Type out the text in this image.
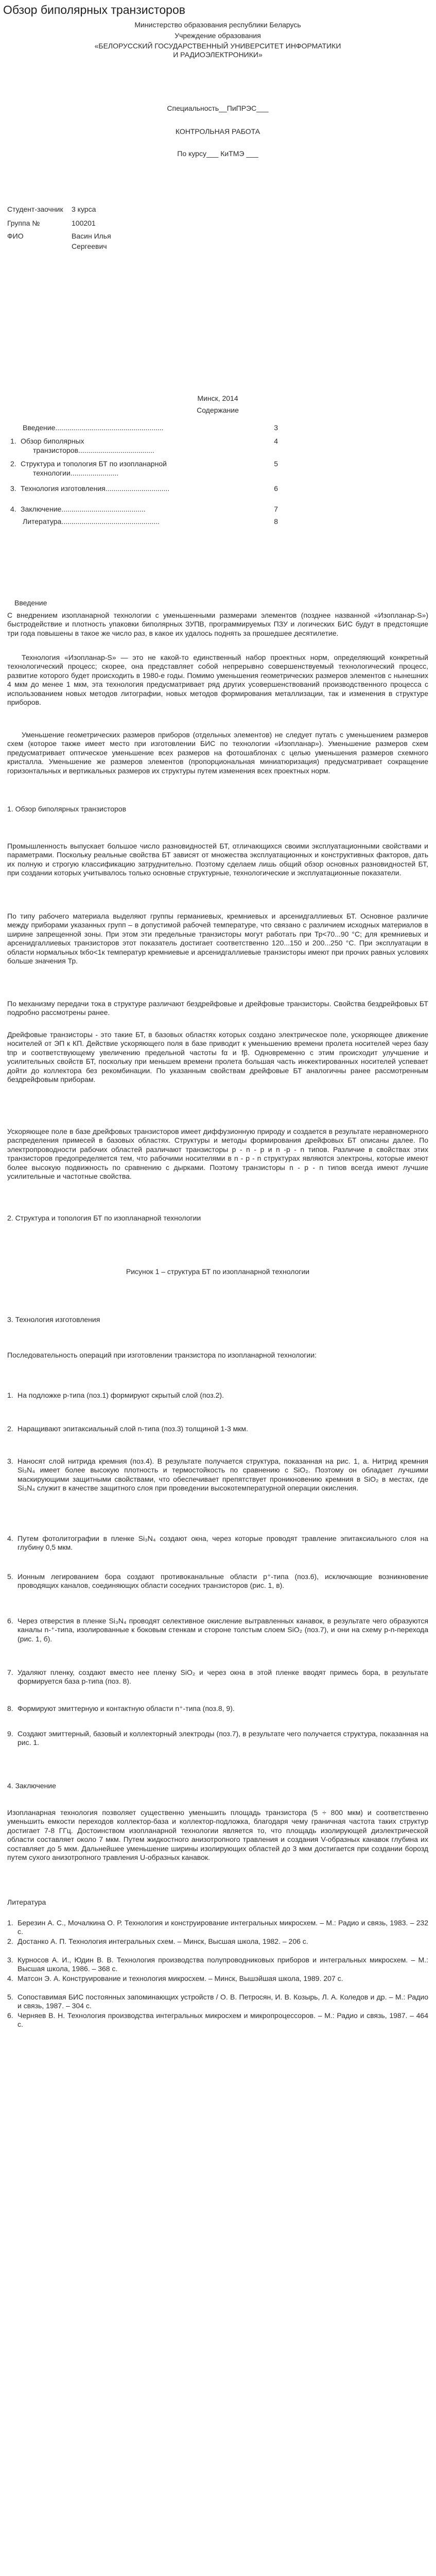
Обзор биполярных транзисторов
Министерство образования республики Беларусь
Учреждение образования
«БЕЛОРУССКИЙ ГОСУДАРСТВЕННЫЙ УНИВЕРСИТЕТ ИНФОРМАТИКИ
И РАДИОЭЛЕКТРОНИКИ»
Специальность__ПиПРЭС___
КОНТРОЛЬНАЯ РАБОТА
По курсу___ КиТМЭ ___
Студент-заочник	3 курса
Группа №	100201
ФИО	Васин Илья
Сергеевич
Минск, 2014
Содержание
Введение ......................................................	3
1. Обзор биполярных	4
транзисторов ......................................
2. Структура и топология БТ по изопланарной	5
технологии ........................
3. Технология изготовления ................................	6
4. Заключение ..........................................	7
Литература .................................................	8
Введение
С внедрением изопланарной технологии с уменьшенными размерами элементов (позднее названной «Изопланар-S») быстродействие и плотность упаковки биполярных ЗУПВ, программируемых ПЗУ и логических БИС будут в предстоящие три года повышены в такое же число раз, в какое их удалось поднять за прошедшее десятилетие.
Технология «Изопланар-S» — это не какой-то единственный набор проектных норм, определяющий конкретный технологический процесс; скорее, она представляет собой непрерывно совершенствуемый технологический процесс, развитие которого будет происходить в 1980-е годы. Помимо уменьшения геометрических размеров элементов с нынешних 4 мкм до менее 1 мкм, эта технология предусматривает ряд других усовершенствований производственного процесса с использованием новых методов литографии, новых методов формирования металлизации, так и изменения в структуре приборов.
Уменьшение геометрических размеров приборов (отдельных элементов) не следует путать с уменьшением размеров схем (которое также имеет место при изготовлении БИС по технологии «Изопланар»). Уменьшение размеров схем предусматривает оптическое уменьшение всех размеров на фотошаблонах с целью уменьшения размеров схемного кристалла. Уменьшение же размеров элементов (пропорциональная миниатюризация) предусматривает сокращение горизонтальных и вертикальных размеров их структуры путем изменения всех проектных норм.
1. Обзор биполярных транзисторов
Промышленность выпускает большое число разновидностей БТ, отличающихся своими эксплуатационными свойствами и параметрами. Поскольку реальные свойства БТ зависят от множества эксплуатационных и конструктивных факторов, дать их полную и строгую классификацию затруднительно. Поэтому сделаем лишь общий обзор основных разновидностей БТ, при создании которых учитывалось только основные структурные, технологические и эксплуатационные показатели.
По типу рабочего материала выделяют группы германиевых, кремниевых и арсенидгаллиевых БТ. Основное различие между приборами указанных групп – в допустимой рабочей температуре, что связано с различием исходных материалов в ширине запрещенной зоны. При этом эти предельные транзисторы могут работать при Тр<70...90 °С; для кремниевых и арсенидгаллиевых транзисторов этот показатель достигает соответственно 120...150 и 200...250 °С. При эксплуатации в области нормальных tкбо<1к температур кремниевые и арсенидгаллиевые транзисторы имеют при прочих равных условиях больше значения Тр.
По механизму передачи тока в структуре различают бездрейфовые и дрейфовые транзисторы. Свойства бездрейфовых БТ подробно рассмотрены ранее.
Дрейфовые транзисторы - это такие БТ, в базовых областях которых создано электрическое поле, ускоряющее движение носителей от ЭП к КП. Действие ускоряющего поля в базе приводит к уменьшению времени пролета носителей через базу tпр и соответствующему увеличению предельной частоты fα и fβ. Одновременно с этим происходит улучшение и усилительных свойств БТ, поскольку при меньшем времени пролета большая часть инжектированных носителей успевает дойти до коллектора без рекомбинации. По указанным свойствам дрейфовые БТ аналогичны ранее рассмотренным бездрейфовым прибоpaм.
Ускоряющее поле в базе дрейфовых транзисторов имеет диффузионную природу и создается в результате неравномерного распределения примесей в базовых областях. Структуры и методы формирования дрейфовых БТ описаны далее. По электропроводности рабочих областей различают транзисторы p - n - p и n -p - n типов. Различие в свойствах этих транзисторов предопределяется тем, что рабочими носителями в n - p - n структурах являются электроны, которые имеют более высокую подвижность по сравнению с дырками. Поэтому транзисторы n - p - n типов всегда имеют лучшие усилительные и частотные свойства.
2. Структура и топология БТ по изопланарной технологии
Рисунок 1 – структура БТ по изопланарной технологии
3. Технология изготовления
Последовательность операций при изготовлении транзистора по изопланарной технологии:
1. На подложке р-типа (поз.1) формируют скрытый слой (поз.2).
2. Наращивают эпитаксиальный слой n-типа (поз.3) толщиной 1-3 мкм.
3. Наносят слой нитрида кремния (поз.4). В результате получается структура, показанная на рис. 1, а. Нитрид кремния Si₃N₄ имеет более высокую плотность и термостойкость по сравнению с SiO₂. Поэтому он обладает лучшими маскирующими защитными свойствами, что обеспечивает препятствует проникновению кремния в SiO₂ в местах, где Si₃N₄ служит в качестве защитного слоя при проведении высокотемпературной операции окисления.
4. Путем фотолитографии в пленке Si₃N₄ создают окна, через которые проводят травление эпитаксиального слоя на глубину 0,5 мкм.
5. Ионным легированием бора создают противоканальные области р⁺-типа (поз.6), исключающие возникновение проводящих каналов, соединяющих области соседних транзисторов (рис. 1, в).
6. Через отверстия в пленке Si₃N₄ проводят селективное окисление вытравленных канавок, в результате чего образуются каналы n-⁺-типа, изолированные к боковым стенкам и стороне толстым слоем SiO₂ (поз.7), и они на схему р-n-перехода (рис. 1, б).
7. Удаляют пленку, создают вместо нее пленку SiO₂ и через окна в этой пленке вводят примесь бора, в результате формируется база р-типа (поз. 8).
8. Формируют эмиттерную и контактную области n⁺-типа (поз.8, 9).
9. Создают эмиттерный, базовый и коллекторный электроды (поз.7), в результате чего получается структура, показанная на рис. 1.
4. Заключение
Изопланарная технология позволяет существенно уменьшить площадь транзистора (5 ÷ 800 мкм) и соответственно уменьшить емкости переходов коллектор-база и коллектор-подложка, благодаря чему граничная частота таких структур достигает 7-8 ГГц. Достоинством изопланарной технологии является то, что площадь изолирующей диэлектрической области составляет около 7 мкм. Путем жидкостного анизотропного травления и создания V-образных канавок глубина их составляет до 5 мкм. Дальнейшее уменьшение ширины изолирующих областей до 3 мкм достигается при создании борозд путем сухого анизотропного травления U-образных канавок.
Литература
1. Березин А. С., Мочалкина О. Р. Технология и конструирование интегральных микросхем. – М.: Радио и связь, 1983. – 232 с.
2. Достанко А. П. Технология интегральных схем. – Минск, Высшая школа, 1982. – 206 с.
3. Курносов А. И., Юдин В. В. Технология производства полупроводниковых приборов и интегральных микросхем. – М.: Высшая школа, 1986. – 368 с.
4. Матсон Э. А. Конструирование и технология микросхем. – Минск, Вышэйшая школа, 1989. 207 с.
5. Сопоставимая БИС постоянных запоминающих устройств / О. В. Петросян, И. В. Козырь, Л. А. Коледов и др. – М.: Радио и связь, 1987. – 304 с.
6. Черняев В. Н. Технология производства интегральных микросхем и микропроцессоров. – М.: Радио и связь, 1987. – 464 с.
